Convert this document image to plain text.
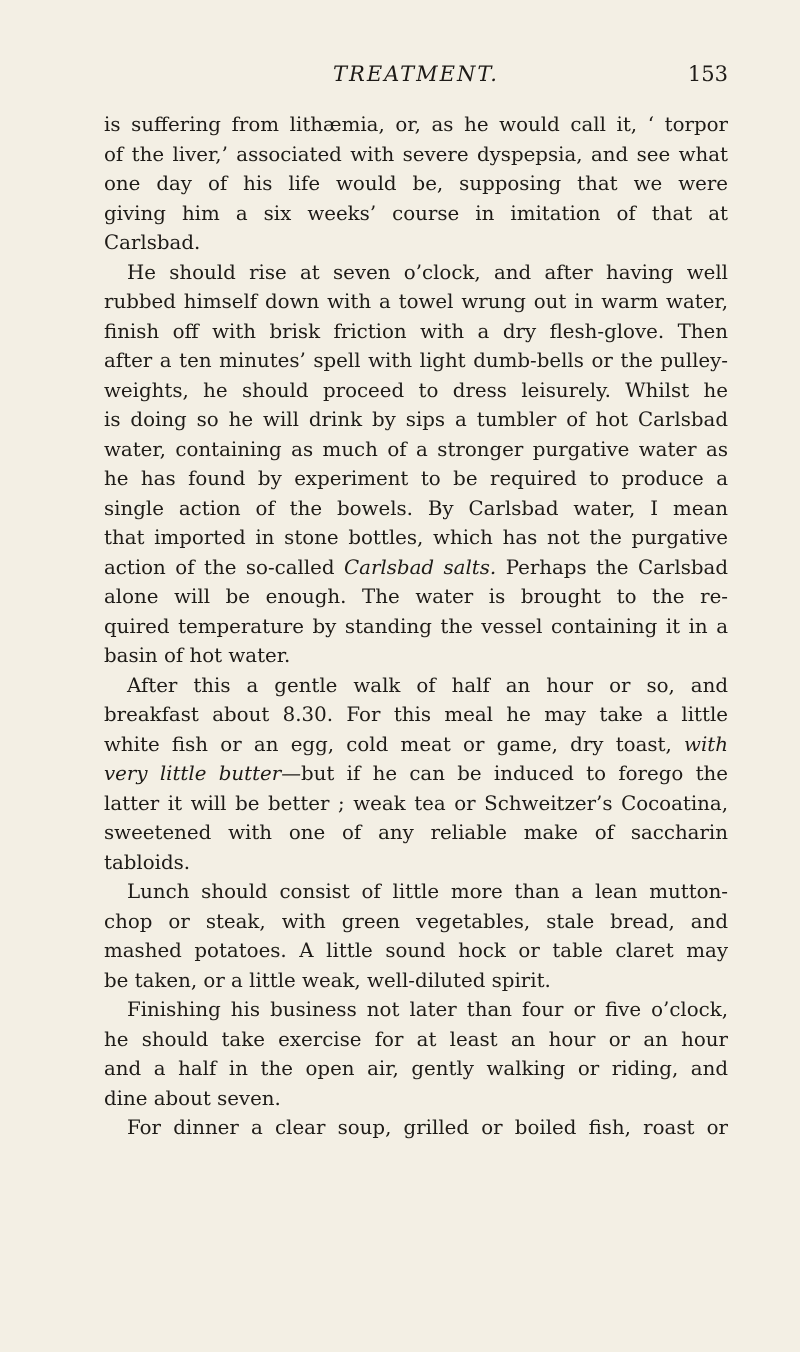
TREATMENT.	153
is suffering from lithæmia, or, as he would call it, ‘ torpor
of the liver,’ associated with severe dyspepsia, and see what
one day of his life would be, supposing that we were
giving him a six weeks’ course in imitation of that at
Carlsbad.
He should rise at seven o’clock, and after having well
rubbed himself down with a towel wrung out in warm water,
finish off with brisk friction with a dry flesh-glove. Then
after a ten minutes’ spell with light dumb-bells or the pulley-
weights, he should proceed to dress leisurely. Whilst he
is doing so he will drink by sips a tumbler of hot Carlsbad
water, containing as much of a stronger purgative water as
he has found by experiment to be required to produce a
single action of the bowels. By Carlsbad water, I mean
that imported in stone bottles, which has not the purgative
action of the so-called Carlsbad salts. Perhaps the Carlsbad
alone will be enough. The water is brought to the re-
quired temperature by standing the vessel containing it in a
basin of hot water.
After this a gentle walk of half an hour or so, and
breakfast about 8.30. For this meal he may take a little
white fish or an egg, cold meat or game, dry toast, with
very little butter—but if he can be induced to forego the
latter it will be better ; weak tea or Schweitzer’s Cocoatina,
sweetened with one of any reliable make of saccharin
tabloids.
Lunch should consist of little more than a lean mutton-
chop or steak, with green vegetables, stale bread, and
mashed potatoes. A little sound hock or table claret may
be taken, or a little weak, well-diluted spirit.
Finishing his business not later than four or five o’clock,
he should take exercise for at least an hour or an hour
and a half in the open air, gently walking or riding, and
dine about seven.
For dinner a clear soup, grilled or boiled fish, roast or
